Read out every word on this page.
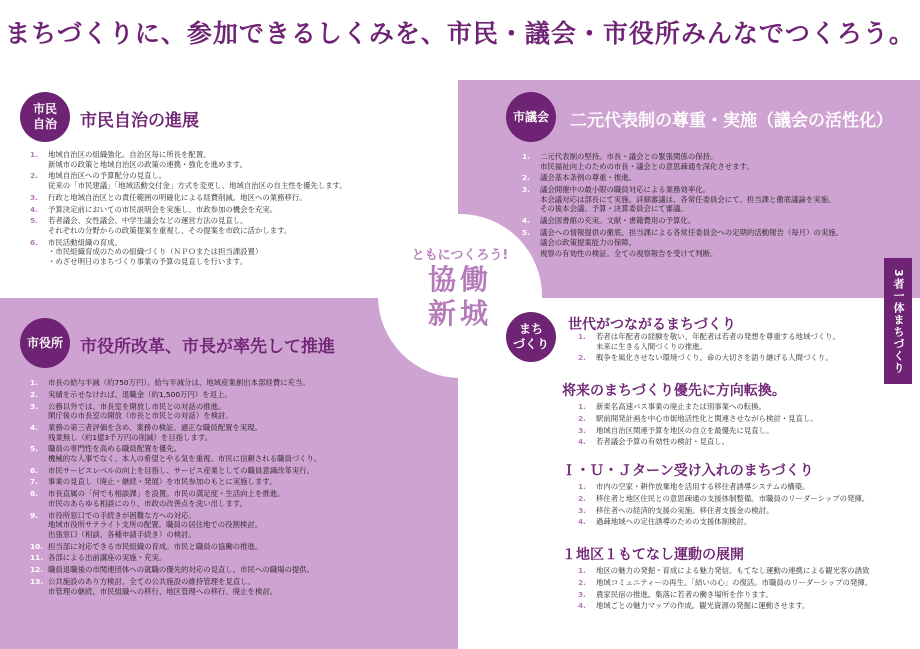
まちづくりに、参加できるしくみを、市民・議会・市役所みんなでつくろう。
ともにつくろう!
協働
新城
市民
自治	市民自治の進展
1.	地域自治区の組織強化。自治区毎に所長を配置。
新城市の政策と地域自治区の政策の連携・強化を進めます。
2.	地域自治区への予算配分の見直し。
従来の「市民建議」「地域活動交付金」方式を変更し、地域自治区の自主性を優先します。
3.	行政と地域自治区との責任範囲の明確化による経費削減。地区への業務移行。
4.	予算決定前においての市民説明会を実施し、市政参加の機会を充実。
5.	若者議会、女性議会、中学生議会などの運営方法の見直し。
それぞれの分野からの政策提案を重視し、その提案を市政に活かします。
6.	市民活動組織の育成。
・市民組織育成のための組織づくり（ＮＰＯまたは担当課設置）
・めざせ明日のまちづくり事業の予算の見直しを行います。
市議会	二元代表制の尊重・実施（議会の活性化）
1.	二元代表制の堅持。市長・議会との緊張関係の保持。
市民福祉向上のための市長・議会との意思疎通を深化させます。
2.	議会基本条例の尊重・推進。
3.	議会開催中の最小限の職員対応による業務効率化。
本会議対応は部長にて実施。詳細審議は、各常任委員会にて、担当課と徹底議論を実施、
その後本会議、予算・決算委員会にて審議。
4.	議会図書館の充実。文献・書籍費用の予算化。
5.	議会への情報提供の徹底。担当課による各常任委員会への定期的活動報告（毎月）の実施。
議会の政策提案能力の保障。
6.	視察の有効性の検証。全ての視察報告を受けて判断。
市役所	市役所改革、市長が率先して推進
1.	市長の給与半減（約750万円）。給与半減分は、地域産業創出本部経費に充当。
2.	実績を示せなければ、退職金（約1,500万円）を返上。
3.	公務以外では、市長室を開放し市民との対話の推進。
閑庁後の市長室の開放（市長と市民との対話）を検討。
4.	業務の第三者評価を含め、業務の検証、適正な職員配置を実現。
残業無し（約1億3千万円の削減）を目指します。
5.	職員の専門性を高める職員配置を優先。
機械的な人事でなく、本人の希望とやる気を重視、市民に信頼される職員づくり。
6.	市民サービスレベルの向上を目指し、サービス産業としての職員意識改革実行。
7.	事業の見直し（廃止・継続・発展）を市民参加のもとに実施します。
8.	市長直属の「何でも相談課」を設置。市民の満足度・生活向上を推進。
市民のあらゆる相談にのり、市政の改善点を洗い出します。
9.	市役所窓口での手続きが困難な方への対応。
地域市役所サテライト支所の配置。職員の居住地での役割検討。
出張窓口（相談、各種申請手続き）の検討。
10. 担当部に対応できる市民組織の育成。市民と職員の協働の推進。
11. 各部による出前講座の実施・充実。
12. 職員退職後の市関連団体への就職の優先的対応の見直し。市民への職場の提供。
13. 公共施設のあり方検討。全ての公共施設の維持管理を見直し。
市管理の継続、市民組織への移行、地区管理への移行、廃止を検討。
まち
づくり
世代がつながるまちづくり
1.	若者は年配者の経験を敬い、年配者は若者の発想を尊重する地域づくり。
未来に生きる人間づくりの推進。
2.	戦争を風化させない環境づくり。命の大切さを語り継げる人間づくり。
将来のまちづくり優先に方向転換。
1.	新東名高速バス事業の廃止または別事業への転換。
2.	駅前開発計画を中心市街地活性化と関連させながら検討・見直し。
3.	地域自治区関連予算を地区の自立を最優先に見直し。
4.	若者議会予算の有効性の検討・見直し。
Ｉ・Ｕ・Ｊターン受け入れのまちづくり
1.	市内の空家・耕作放棄地を活用する移住者誘導システムの構築。
2.	移住者と地区住民との意思疎通の支援体制整備。市職員のリーダーシップの発揮。
3.	移住者への経済的支援の実施。移住者支援金の検討。
4.	過疎地域への定住誘導のための支援体制検討。
１地区１もてなし運動の展開
1.	地区の魅力の発掘・育成による魅力発信。もてなし運動の連携による観光客の誘致
2.	地域コミュニティーの再生。「結いの心」の復活。市職員のリーダーシップの発揮。
3.	農家民宿の推進。集落に若者の働き場所を作ります。
4.	地域ごとの魅力マップの作成。観光資源の発掘に運動させます。
3者一体まちづくり
